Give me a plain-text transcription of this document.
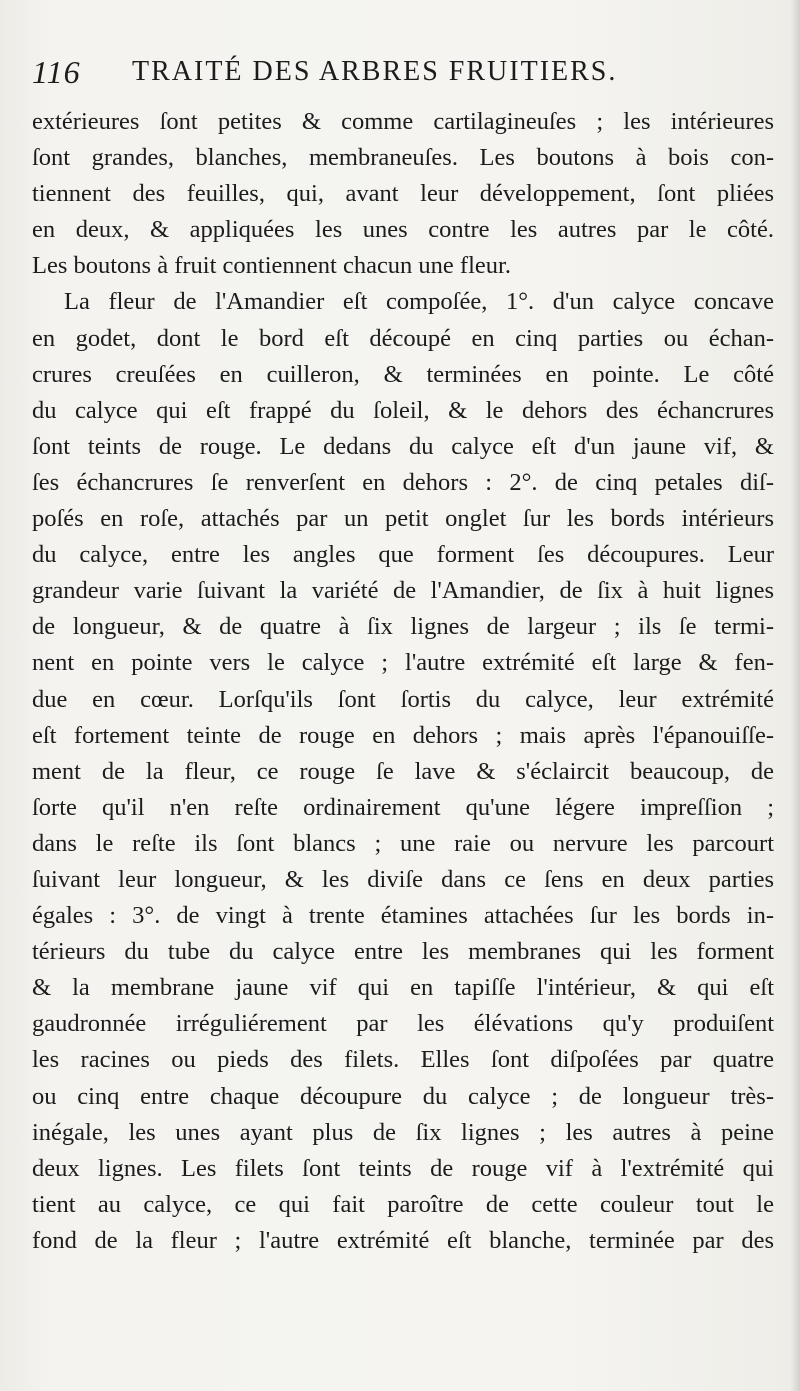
116 TRAITÉ DES ARBRES FRUITIERS.
extérieures ſont petites & comme cartilagineuſes ; les intérieures
ſont grandes, blanches, membraneuſes. Les boutons à bois con-
tiennent des feuilles, qui, avant leur développement, ſont pliées
en deux, & appliquées les unes contre les autres par le côté.
Les boutons à fruit contiennent chacun une fleur.
La fleur de l'Amandier eſt compoſée, 1°. d'un calyce concave
en godet, dont le bord eſt découpé en cinq parties ou échan-
crures creuſées en cuilleron, & terminées en pointe. Le côté
du calyce qui eſt frappé du ſoleil, & le dehors des échancrures
ſont teints de rouge. Le dedans du calyce eſt d'un jaune vif, &
ſes échancrures ſe renverſent en dehors : 2°. de cinq petales diſ-
poſés en roſe, attachés par un petit onglet ſur les bords intérieurs
du calyce, entre les angles que forment ſes découpures. Leur
grandeur varie ſuivant la variété de l'Amandier, de ſix à huit lignes
de longueur, & de quatre à ſix lignes de largeur ; ils ſe termi-
nent en pointe vers le calyce ; l'autre extrémité eſt large & fen-
due en cœur. Lorſqu'ils ſont ſortis du calyce, leur extrémité
eſt fortement teinte de rouge en dehors ; mais après l'épanouiſſe-
ment de la fleur, ce rouge ſe lave & s'éclaircit beaucoup, de
ſorte qu'il n'en reſte ordinairement qu'une légere impreſſion ;
dans le reſte ils ſont blancs ; une raie ou nervure les parcourt
ſuivant leur longueur, & les diviſe dans ce ſens en deux parties
égales : 3°. de vingt à trente étamines attachées ſur les bords in-
térieurs du tube du calyce entre les membranes qui les forment
& la membrane jaune vif qui en tapiſſe l'intérieur, & qui eſt
gaudronnée irréguliérement par les élévations qu'y produiſent
les racines ou pieds des filets. Elles ſont diſpoſées par quatre
ou cinq entre chaque découpure du calyce ; de longueur très-
inégale, les unes ayant plus de ſix lignes ; les autres à peine
deux lignes. Les filets ſont teints de rouge vif à l'extrémité qui
tient au calyce, ce qui fait paroître de cette couleur tout le
fond de la fleur ; l'autre extrémité eſt blanche, terminée par des
